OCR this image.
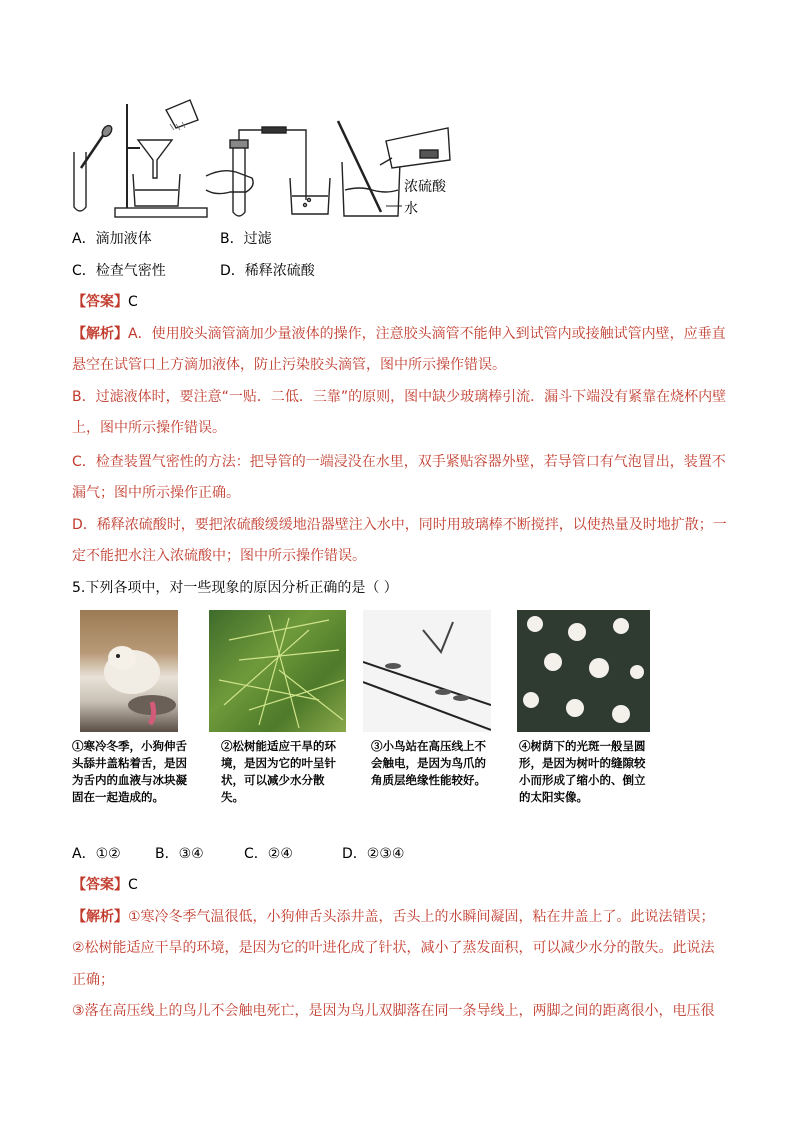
浓硫酸
水
A．滴加液体	B．过滤
C．检查气密性	D．稀释浓硫酸
【答案】C
【解析】A．使用胶头滴管滴加少量液体的操作，注意胶头滴管不能伸入到试管内或接触试管内壁，应垂直
悬空在试管口上方滴加液体，防止污染胶头滴管，图中所示操作错误。
B．过滤液体时，要注意“一贴．二低．三靠”的原则，图中缺少玻璃棒引流．漏斗下端没有紧靠在烧杯内壁
上，图中所示操作错误。
C．检查装置气密性的方法：把导管的一端浸没在水里，双手紧贴容器外壁，若导管口有气泡冒出，装置不
漏气；图中所示操作正确。
D．稀释浓硫酸时，要把浓硫酸缓缓地沿器壁注入水中，同时用玻璃棒不断搅拌，以使热量及时地扩散；一
定不能把水注入浓硫酸中；图中所示操作错误。
5.下列各项中，对一些现象的原因分析正确的是（ ）
①寒冷冬季，小狗伸舌头舔井盖粘着舌，是因为舌内的血液与冰块凝固在一起造成的。
②松树能适应干旱的环境，是因为它的叶呈针状，可以减少水分散失。
③小鸟站在高压线上不会触电，是因为鸟爪的角质层绝缘性能较好。
④树荫下的光斑一般呈圆形，是因为树叶的缝隙较小而形成了缩小的、倒立的太阳实像。
A．①② B．③④	C．②④	D．②③④
【答案】C
【解析】①寒冷冬季气温很低，小狗伸舌头添井盖，舌头上的水瞬间凝固，粘在井盖上了。此说法错误；
②松树能适应干旱的环境，是因为它的叶进化成了针状，减小了蒸发面积，可以减少水分的散失。此说法
正确；
③落在高压线上的鸟儿不会触电死亡，是因为鸟儿双脚落在同一条导线上，两脚之间的距离很小，电压很
